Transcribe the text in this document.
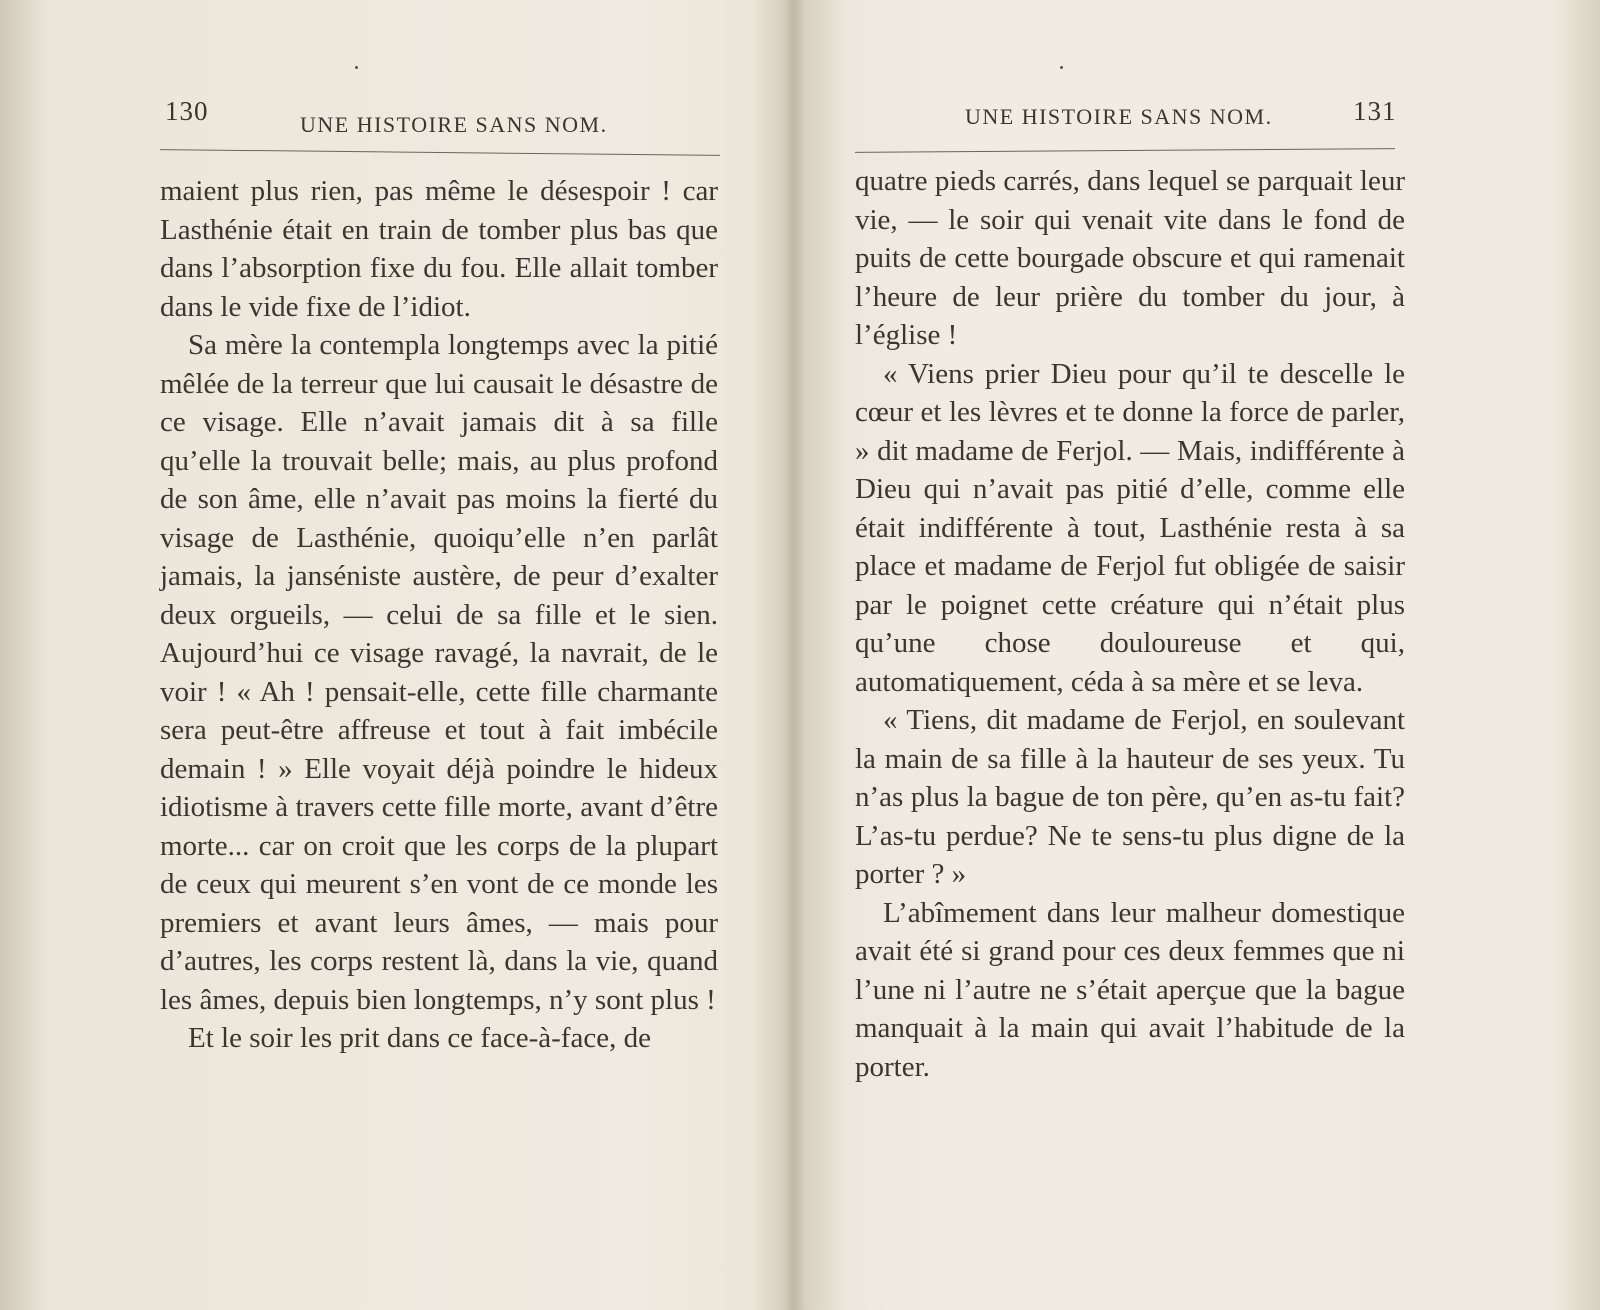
130	UNE HISTOIRE SANS NOM.

maient plus rien, pas même le désespoir ! car Lasthénie était en train de tomber plus bas que dans l’absorption fixe du fou. Elle allait tomber dans le vide fixe de l’idiot.

Sa mère la contempla longtemps avec la pitié mêlée de la terreur que lui causait le désastre de ce visage. Elle n’avait jamais dit à sa fille qu’elle la trouvait belle; mais, au plus profond de son âme, elle n’avait pas moins la fierté du visage de Lasthénie, quoiqu’elle n’en parlât jamais, la janséniste austère, de peur d’exalter deux orgueils, — celui de sa fille et le sien. Aujourd’hui ce visage ravagé, la navrait, de le voir ! « Ah ! pensait-elle, cette fille charmante sera peut-être affreuse et tout à fait imbécile demain ! » Elle voyait déjà poindre le hideux idiotisme à travers cette fille morte, avant d’être morte... car on croit que les corps de la plupart de ceux qui meurent s’en vont de ce monde les premiers et avant leurs âmes, — mais pour d’autres, les corps restent là, dans la vie, quand les âmes, depuis bien longtemps, n’y sont plus !

Et le soir les prit dans ce face-à-face, de

UNE HISTOIRE SANS NOM.	131

quatre pieds carrés, dans lequel se parquait leur vie, — le soir qui venait vite dans le fond de puits de cette bourgade obscure et qui ramenait l’heure de leur prière du tomber du jour, à l’église !

« Viens prier Dieu pour qu’il te descelle le cœur et les lèvres et te donne la force de parler, » dit madame de Ferjol. — Mais, indifférente à Dieu qui n’avait pas pitié d’elle, comme elle était indifférente à tout, Lasthénie resta à sa place et madame de Ferjol fut obligée de saisir par le poignet cette créature qui n’était plus qu’une chose douloureuse et qui, automatiquement, céda à sa mère et se leva.

« Tiens, dit madame de Ferjol, en soulevant la main de sa fille à la hauteur de ses yeux. Tu n’as plus la bague de ton père, qu’en as-tu fait? L’as-tu perdue? Ne te sens-tu plus digne de la porter ? »

L’abîmement dans leur malheur domestique avait été si grand pour ces deux femmes que ni l’une ni l’autre ne s’était aperçue que la bague manquait à la main qui avait l’habitude de la porter.
